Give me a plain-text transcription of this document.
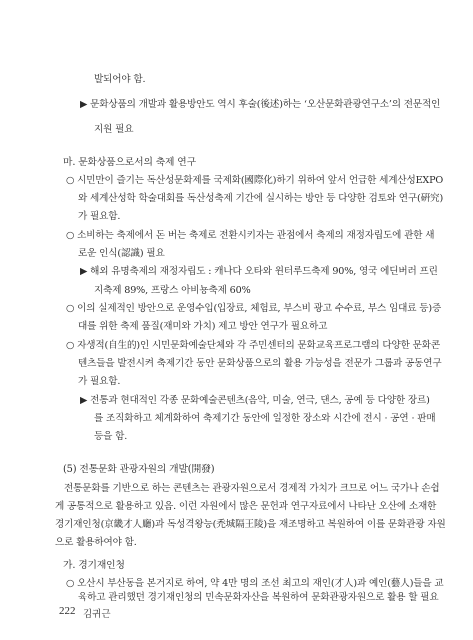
발되어야 함.
▶ 문화상품의 개발과 활용방안도 역시 후술(後述)하는 ‘오산문화관광연구소’의 전문적인
지원 필요
마. 문화상품으로서의 축제 연구
○ 시민만이 즐기는 독산성문화제를 국제화(國際化)하기 위하여 앞서 언급한 세계산성EXPO
와 세계산성학 학술대회를 독산성축제 기간에 실시하는 방안 등 다양한 검토와 연구(硏究)
가 필요함.
○ 소비하는 축제에서 돈 버는 축제로 전환시키자는 관점에서 축제의 재정자립도에 관한 새
로운 인식(認識) 필요
▶ 해외 유명축제의 재정자립도 : 캐나다 오타와 윈터루드축제 90%, 영국 에딘버러 프린
지축제 89%, 프랑스 아비뇽축제 60%
○ 이의 실제적인 방안으로 운영수입(입장료, 체험료, 부스비 광고 수수료, 부스 임대료 등)증
대를 위한 축제 품질(재미와 가치) 제고 방안 연구가 필요하고
○ 자생적(自生的)인 시민문화예술단체와 각 주민센터의 문화교육프로그램의 다양한 문화콘
텐츠들을 발전시켜 축제기간 동안 문화상품으로의 활용 가능성을 전문가 그룹과 공동연구
가 필요함.
▶ 전통과 현대적인 각종 문화예술콘텐츠(음악, 미술, 연극, 댄스, 공예 등 다양한 장르)
를 조직화하고 체계화하여 축제기간 동안에 일정한 장소와 시간에 전시 · 공연 · 판매
등을 함.
(5) 전통문화 관광자원의 개발(開發)
전통문화를 기반으로 하는 콘텐츠는 관광자원으로서 경제적 가치가 크므로 어느 국가나 손쉽
게 공통적으로 활용하고 있음. 이런 자원에서 많은 문헌과 연구자료에서 나타난 오산에 소재한
경기재인청(京畿才人廳)과 독성격왕능(禿城隔王陵)을 재조명하고 복원하여 이를 문화관광 자원
으로 활용하여야 함.
가. 경기재인청
○ 오산시 부산동을 본거지로 하여, 약 4만 명의 조선 최고의 재인(才人)과 예인(藝人)들을 교
육하고 관리했던 경기재인청의 민속문화자산을 복원하여 문화관광자원으로 활용 할 필요
222 김귀근
